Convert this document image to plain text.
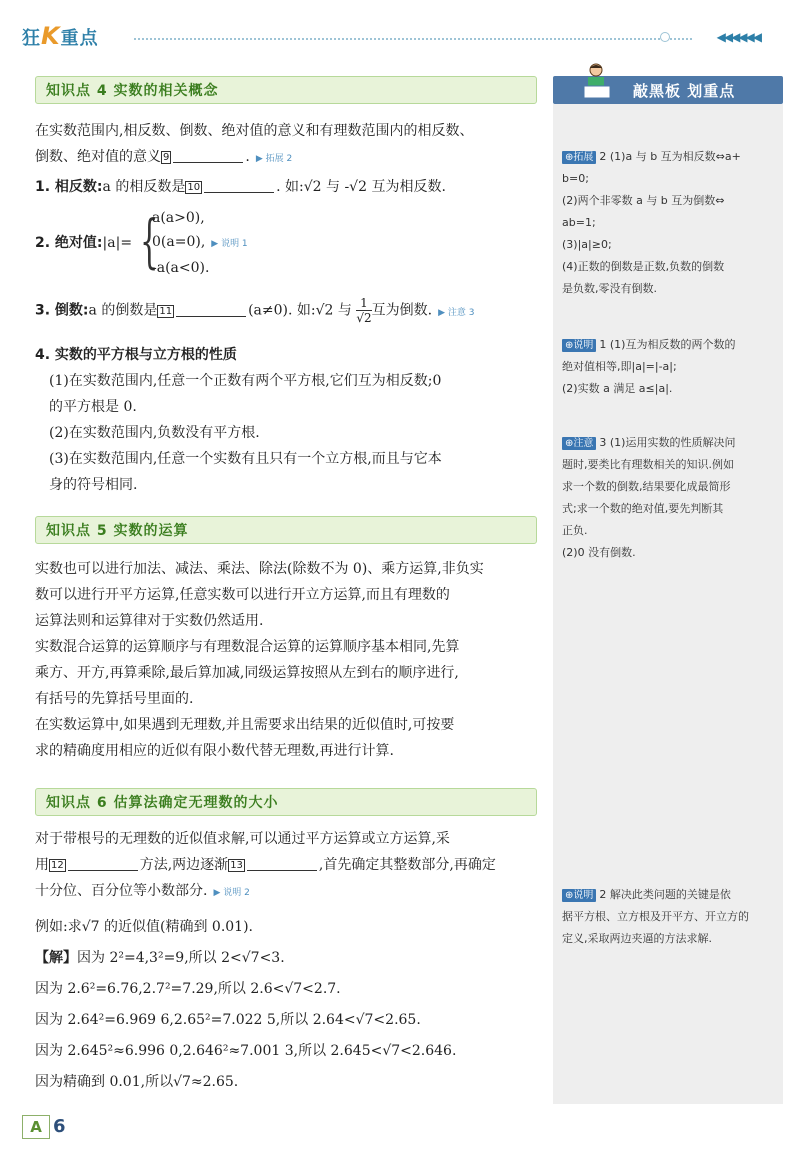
狂K重点	◀◀◀◀◀◀
知识点 4 实数的相关概念
在实数范围内,相反数、倒数、绝对值的意义和有理数范围内的相反数、
倒数、绝对值的意义 9	. ▶ 拓展 2
1. 相反数:a 的相反数是 10	. 如:√2 与 -√2 互为相反数.
2. 绝对值:|a|= {
a(a>0),
0(a=0), ▶ 说明 1
-a(a<0).
3. 倒数:a 的倒数是 11	(a≠0). 如:√2 与 $\frac{1}{√2}$ 互为倒数. ▶ 注意 3
4. 实数的平方根与立方根的性质
(1)在实数范围内,任意一个正数有两个平方根,它们互为相反数;0
的平方根是 0.
(2)在实数范围内,负数没有平方根.
(3)在实数范围内,任意一个实数有且只有一个立方根,而且与它本
身的符号相同.
知识点 5 实数的运算
实数也可以进行加法、减法、乘法、除法(除数不为 0)、乘方运算,非负实
数可以进行开平方运算,任意实数可以进行开立方运算,而且有理数的
运算法则和运算律对于实数仍然适用.
实数混合运算的运算顺序与有理数混合运算的运算顺序基本相同,先算
乘方、开方,再算乘除,最后算加减,同级运算按照从左到右的顺序进行,
有括号的先算括号里面的.
在实数运算中,如果遇到无理数,并且需要求出结果的近似值时,可按要
求的精确度用相应的近似有限小数代替无理数,再进行计算.
知识点 6 估算法确定无理数的大小
对于带根号的无理数的近似值求解,可以通过平方运算或立方运算,采
用 12	方法,两边逐渐 13	,首先确定其整数部分,再确定
十分位、百分位等小数部分. ▶ 说明 2
例如:求√7 的近似值(精确到 0.01).
【解】因为 2²=4,3²=9,所以 2<√7<3.
因为 2.6²=6.76,2.7²=7.29,所以 2.6<√7<2.7.
因为 2.64²=6.969 6,2.65²=7.022 5,所以 2.64<√7<2.65.
因为 2.645²≈6.996 0,2.646²≈7.001 3,所以 2.645<√7<2.646.
因为精确到 0.01,所以√7≈2.65.
敲黑板 划重点
⊕拓展 2 (1)a 与 b 互为相反数⇔a+
b=0;
(2)两个非零数 a 与 b 互为倒数⇔
ab=1;
(3)|a|≥0;
(4)正数的倒数是正数,负数的倒数
是负数,零没有倒数.
⊕说明 1 (1)互为相反数的两个数的
绝对值相等,即|a|=|-a|;
(2)实数 a 满足 a≤|a|.
⊕注意 3 (1)运用实数的性质解决问
题时,要类比有理数相关的知识.例如
求一个数的倒数,结果要化成最简形
式;求一个数的绝对值,要先判断其
正负.
(2)0 没有倒数.
⊕说明 2 解决此类问题的关键是依
据平方根、立方根及开平方、开立方的
定义,采取两边夹逼的方法求解.
A 6
